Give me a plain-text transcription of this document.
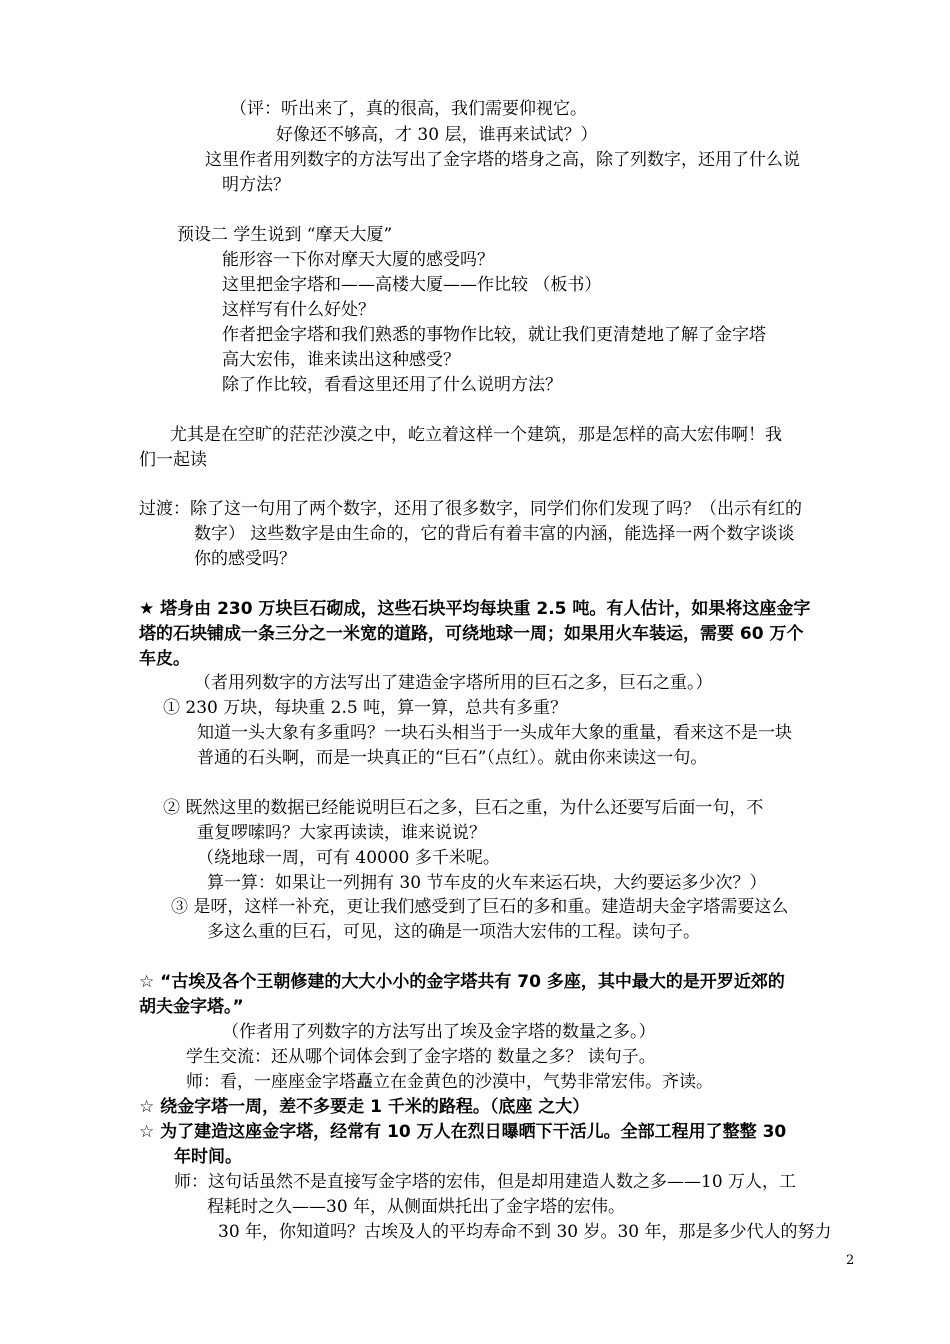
（评：听出来了，真的很高，我们需要仰视它。
好像还不够高，才 30 层，谁再来试试？）
这里作者用列数字的方法写出了金字塔的塔身之高，除了列数字，还用了什么说
明方法？
预设二 学生说到 “摩天大厦”
能形容一下你对摩天大厦的感受吗？
这里把金字塔和——高楼大厦——作比较 （板书）
这样写有什么好处？
作者把金字塔和我们熟悉的事物作比较，就让我们更清楚地了解了金字塔
高大宏伟，谁来读出这种感受？
除了作比较，看看这里还用了什么说明方法？
尤其是在空旷的茫茫沙漠之中，屹立着这样一个建筑，那是怎样的高大宏伟啊！我
们一起读
过渡：除了这一句用了两个数字，还用了很多数字，同学们你们发现了吗？（出示有红的
数字） 这些数字是由生命的，它的背后有着丰富的内涵，能选择一两个数字谈谈
你的感受吗？
★ 塔身由 230 万块巨石砌成，这些石块平均每块重 2.5 吨。有人估计，如果将这座金字
塔的石块铺成一条三分之一米宽的道路，可绕地球一周；如果用火车装运，需要 60 万个
车皮。
（者用列数字的方法写出了建造金字塔所用的巨石之多，巨石之重。）
① 230 万块，每块重 2.5 吨，算一算，总共有多重？
知道一头大象有多重吗？一块石头相当于一头成年大象的重量，看来这不是一块
普通的石头啊，而是一块真正的“巨石”（点红）。就由你来读这一句。
② 既然这里的数据已经能说明巨石之多，巨石之重，为什么还要写后面一句，不
重复啰嗦吗？大家再读读，谁来说说？
（绕地球一周，可有 40000 多千米呢。
算一算：如果让一列拥有 30 节车皮的火车来运石块，大约要运多少次？）
③ 是呀，这样一补充，更让我们感受到了巨石的多和重。建造胡夫金字塔需要这么
多这么重的巨石，可见，这的确是一项浩大宏伟的工程。读句子。
☆ “古埃及各个王朝修建的大大小小的金字塔共有 70 多座，其中最大的是开罗近郊的
胡夫金字塔。”
（作者用了列数字的方法写出了埃及金字塔的数量之多。）
学生交流：还从哪个词体会到了金字塔的 数量之多？ 读句子。
师：看，一座座金字塔矗立在金黄色的沙漠中，气势非常宏伟。齐读。
☆ 绕金字塔一周，差不多要走 1 千米的路程。（底座 之大）
☆ 为了建造这座金字塔，经常有 10 万人在烈日曝晒下干活儿。全部工程用了整整 30
年时间。
师：这句话虽然不是直接写金字塔的宏伟，但是却用建造人数之多——10 万人，工
程耗时之久——30 年，从侧面烘托出了金字塔的宏伟。
30 年，你知道吗？古埃及人的平均寿命不到 30 岁。30 年，那是多少代人的努力
2
